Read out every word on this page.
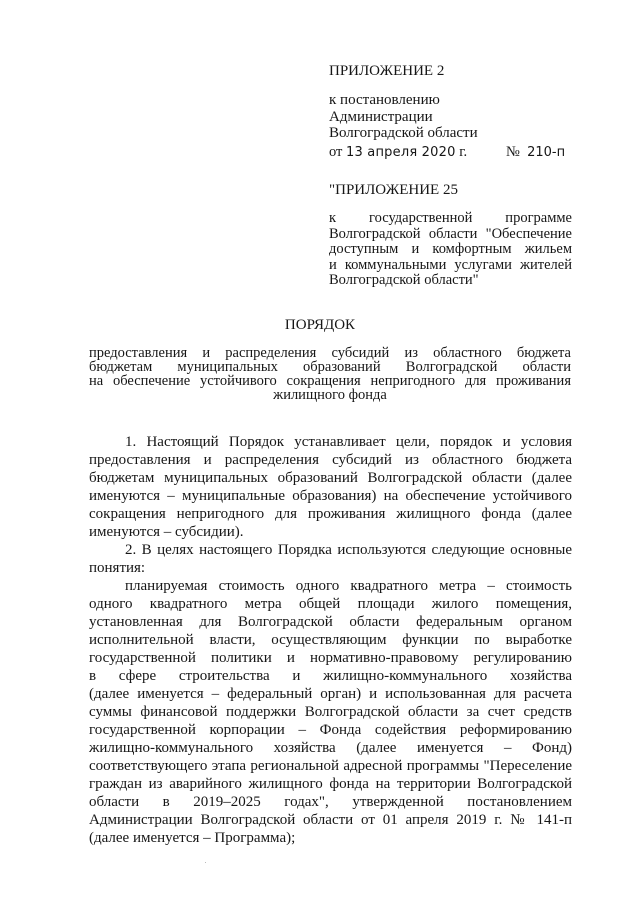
ПРИЛОЖЕНИЕ 2
к постановлению
Администрации
Волгоградской области
от 13 апреля 2020 г.	№ 210-п
"ПРИЛОЖЕНИЕ 25
к государственной программе
Волгоградской области "Обеспечение
доступным и комфортным жильем
и коммунальными услугами жителей
Волгоградской области"
ПОРЯДОК
предоставления и распределения субсидий из областного бюджета
бюджетам муниципальных образований Волгоградской области
на обеспечение устойчивого сокращения непригодного для проживания
жилищного фонда
1. Настоящий Порядок устанавливает цели, порядок и условия
предоставления и распределения субсидий из областного бюджета
бюджетам муниципальных образований Волгоградской области (далее
именуются – муниципальные образования) на обеспечение устойчивого
сокращения непригодного для проживания жилищного фонда (далее
именуются – субсидии).
2. В целях настоящего Порядка используются следующие основные
понятия:
планируемая стоимость одного квадратного метра – стоимость
одного квадратного метра общей площади жилого помещения,
установленная для Волгоградской области федеральным органом
исполнительной власти, осуществляющим функции по выработке
государственной политики и нормативно-правовому регулированию
в сфере строительства и жилищно-коммунального хозяйства
(далее именуется – федеральный орган) и использованная для расчета
суммы финансовой поддержки Волгоградской области за счет средств
государственной корпорации – Фонда содействия реформированию
жилищно-коммунального хозяйства (далее именуется – Фонд)
соответствующего этапа региональной адресной программы "Переселение
граждан из аварийного жилищного фонда на территории Волгоградской
области в 2019–2025 годах", утвержденной постановлением
Администрации Волгоградской области от 01 апреля 2019 г. № 141-п
(далее именуется – Программа);
